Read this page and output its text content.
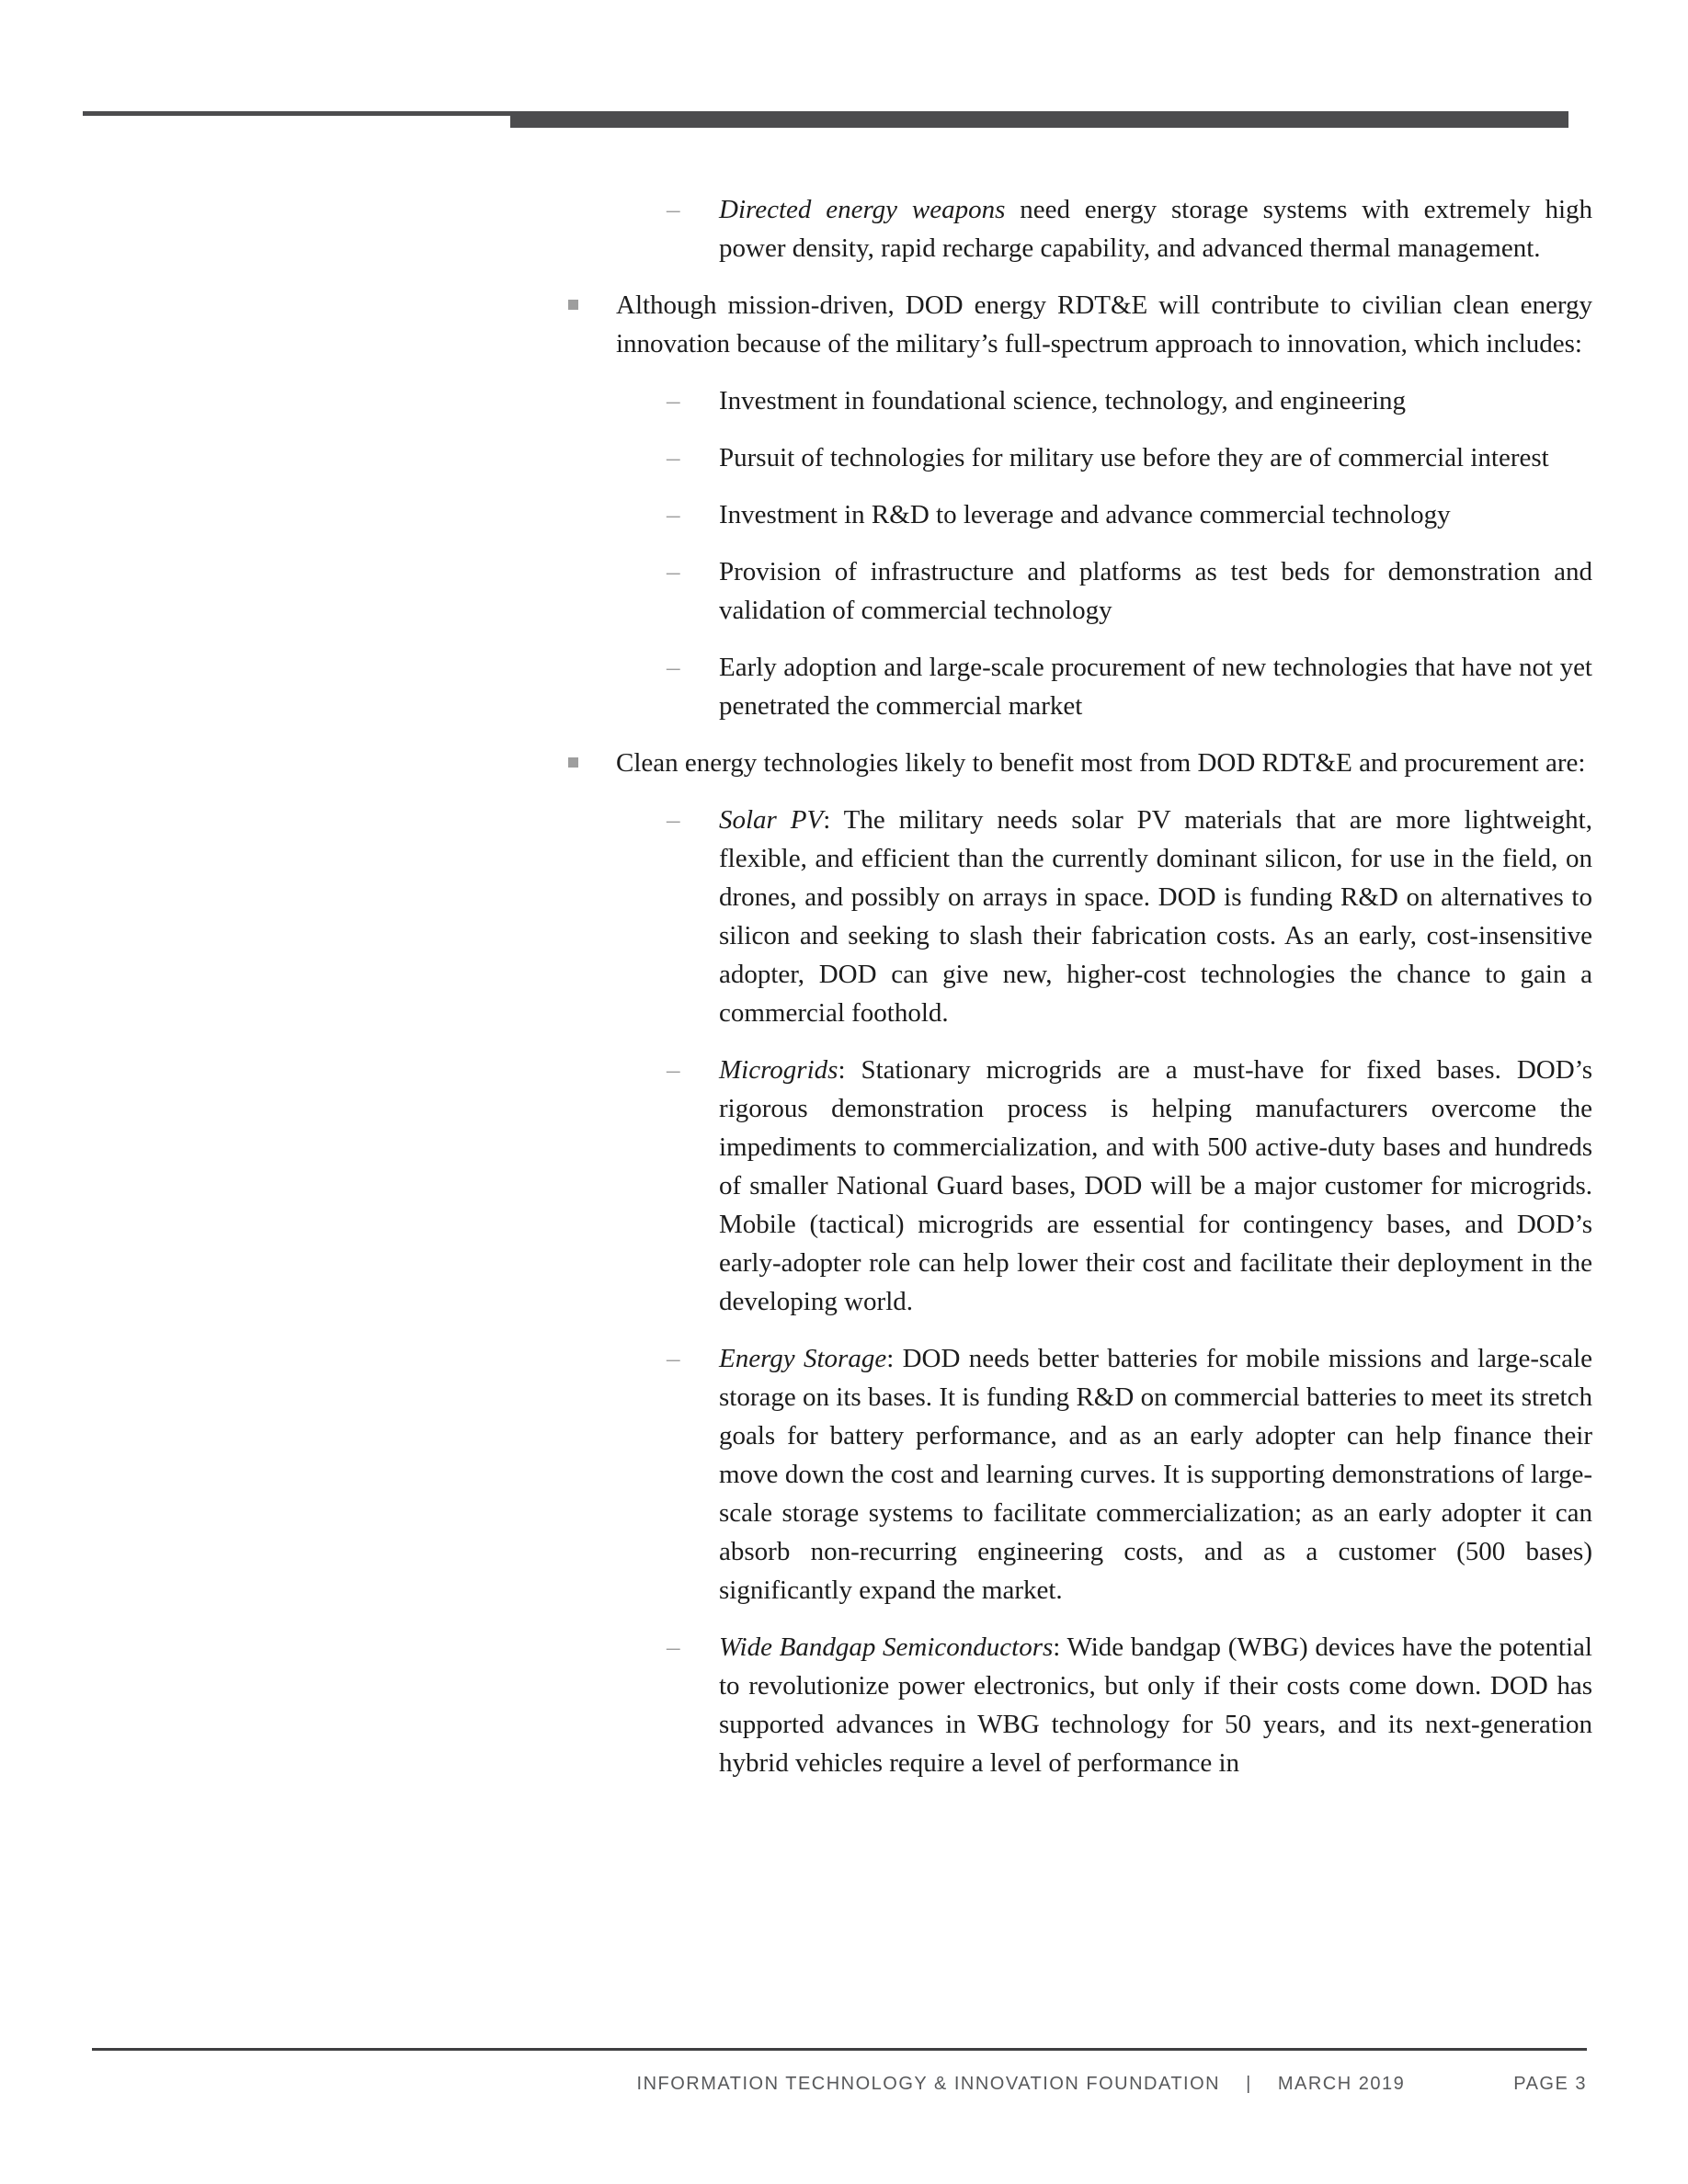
– Directed energy weapons need energy storage systems with extremely high power density, rapid recharge capability, and advanced thermal management.
Although mission-driven, DOD energy RDT&E will contribute to civilian clean energy innovation because of the military’s full-spectrum approach to innovation, which includes:
– Investment in foundational science, technology, and engineering
– Pursuit of technologies for military use before they are of commercial interest
– Investment in R&D to leverage and advance commercial technology
– Provision of infrastructure and platforms as test beds for demonstration and validation of commercial technology
– Early adoption and large-scale procurement of new technologies that have not yet penetrated the commercial market
Clean energy technologies likely to benefit most from DOD RDT&E and procurement are:
– Solar PV: The military needs solar PV materials that are more lightweight, flexible, and efficient than the currently dominant silicon, for use in the field, on drones, and possibly on arrays in space. DOD is funding R&D on alternatives to silicon and seeking to slash their fabrication costs. As an early, cost-insensitive adopter, DOD can give new, higher-cost technologies the chance to gain a commercial foothold.
– Microgrids: Stationary microgrids are a must-have for fixed bases. DOD’s rigorous demonstration process is helping manufacturers overcome the impediments to commercialization, and with 500 active-duty bases and hundreds of smaller National Guard bases, DOD will be a major customer for microgrids. Mobile (tactical) microgrids are essential for contingency bases, and DOD’s early-adopter role can help lower their cost and facilitate their deployment in the developing world.
– Energy Storage: DOD needs better batteries for mobile missions and large-scale storage on its bases. It is funding R&D on commercial batteries to meet its stretch goals for battery performance, and as an early adopter can help finance their move down the cost and learning curves. It is supporting demonstrations of large-scale storage systems to facilitate commercialization; as an early adopter it can absorb non-recurring engineering costs, and as a customer (500 bases) significantly expand the market.
– Wide Bandgap Semiconductors: Wide bandgap (WBG) devices have the potential to revolutionize power electronics, but only if their costs come down. DOD has supported advances in WBG technology for 50 years, and its next-generation hybrid vehicles require a level of performance in
INFORMATION TECHNOLOGY & INNOVATION FOUNDATION | MARCH 2019	PAGE 3
